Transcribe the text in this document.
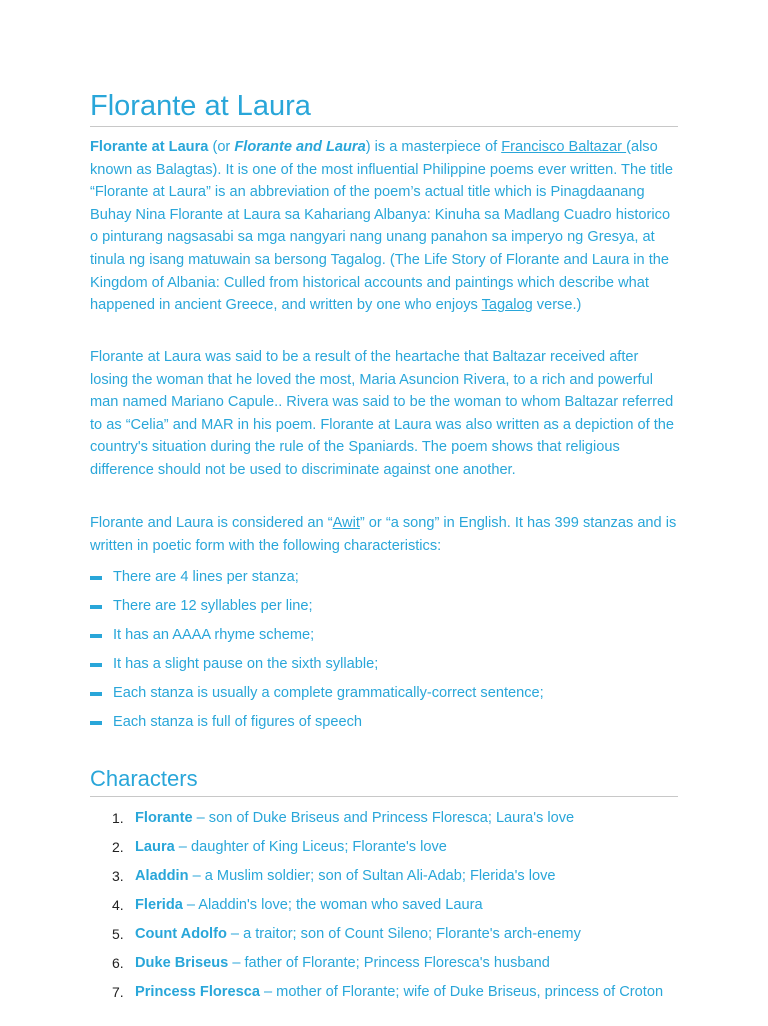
Florante at Laura

Florante at Laura (or Florante and Laura) is a masterpiece of Francisco Baltazar (also known as Balagtas). It is one of the most influential Philippine poems ever written. The title “Florante at Laura” is an abbreviation of the poem’s actual title which is Pinagdaanang Buhay Nina Florante at Laura sa Kahariang Albanya: Kinuha sa Madlang Cuadro historico o pinturang nagsasabi sa mga nangyari nang unang panahon sa imperyo ng Gresya, at tinula ng isang matuwain sa bersong Tagalog. (The Life Story of Florante and Laura in the Kingdom of Albania: Culled from historical accounts and paintings which describe what happened in ancient Greece, and written by one who enjoys Tagalog verse.)

Florante at Laura was said to be a result of the heartache that Baltazar received after losing the woman that he loved the most, Maria Asuncion Rivera, to a rich and powerful man named Mariano Capule.. Rivera was said to be the woman to whom Baltazar referred to as “Celia” and MAR in his poem. Florante at Laura was also written as a depiction of the country's situation during the rule of the Spaniards. The poem shows that religious difference should not be used to discriminate against one another.

Florante and Laura is considered an “Awit” or “a song” in English. It has 399 stanzas and is written in poetic form with the following characteristics:

There are 4 lines per stanza;
There are 12 syllables per line;
It has an AAAA rhyme scheme;
It has a slight pause on the sixth syllable;
Each stanza is usually a complete grammatically-correct sentence;
Each stanza is full of figures of speech
Characters
1. Florante – son of Duke Briseus and Princess Floresca; Laura's love
2. Laura – daughter of King Liceus; Florante's love
3. Aladdin – a Muslim soldier; son of Sultan Ali-Adab; Flerida's love
4. Flerida – Aladdin's love; the woman who saved Laura
5. Count Adolfo – a traitor; son of Count Sileno; Florante's arch-enemy
6. Duke Briseus – father of Florante; Princess Floresca's husband
7. Princess Floresca – mother of Florante; wife of Duke Briseus, princess of Croton
